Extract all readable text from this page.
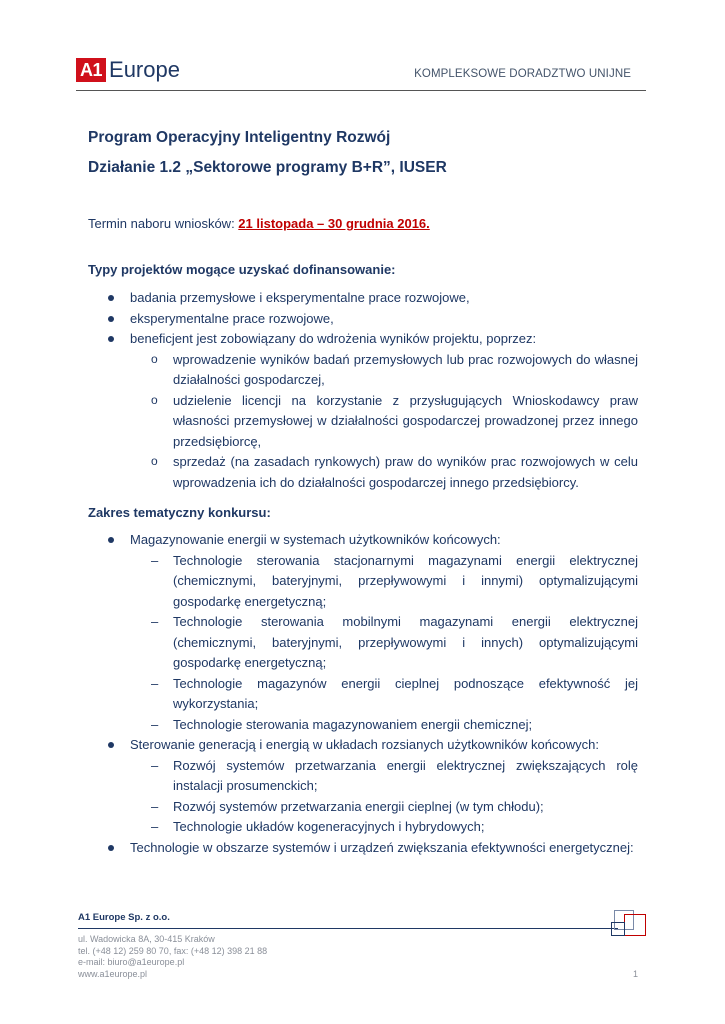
A1 Europe	KOMPLEKSOWE DORADZTWO UNIJNE
Program Operacyjny Inteligentny Rozwój
Działanie 1.2 „Sektorowe programy B+R”, IUSER
Termin naboru wniosków: 21 listopada – 30 grudnia 2016.
Typy projektów mogące uzyskać dofinansowanie:

badania przemysłowe i eksperymentalne prace rozwojowe,

eksperymentalne prace rozwojowe,

beneficjent jest zobowiązany do wdrożenia wyników projektu, poprzez:

o wprowadzenie wyników badań przemysłowych lub prac rozwojowych do własnej działalności gospodarczej,

o udzielenie licencji na korzystanie z przysługujących Wnioskodawcy praw własności przemysłowej w działalności gospodarczej prowadzonej przez innego przedsiębiorcę,

o sprzedaż (na zasadach rynkowych) praw do wyników prac rozwojowych w celu wprowadzenia ich do działalności gospodarczej innego przedsiębiorcy.

Zakres tematyczny konkursu:

Magazynowanie energii w systemach użytkowników końcowych:

– Technologie sterowania stacjonarnymi magazynami energii elektrycznej (chemicznymi, bateryjnymi, przepływowymi i innymi) optymalizującymi gospodarkę energetyczną;

– Technologie sterowania mobilnymi magazynami energii elektrycznej (chemicznymi, bateryjnymi, przepływowymi i innych) optymalizującymi gospodarkę energetyczną;

– Technologie magazynów energii cieplnej podnoszące efektywność jej wykorzystania;

– Technologie sterowania magazynowaniem energii chemicznej;

Sterowanie generacją i energią w układach rozsianych użytkowników końcowych:

– Rozwój systemów przetwarzania energii elektrycznej zwiększających rolę instalacji prosumenckich;

– Rozwój systemów przetwarzania energii cieplnej (w tym chłodu);

– Technologie układów kogeneracyjnych i hybrydowych;

Technologie w obszarze systemów i urządzeń zwiększania efektywności energetycznej:

A1 Europe Sp. z o.o.
ul. Wadowicka 8A, 30-415 Kraków
tel. (+48 12) 259 80 70, fax: (+48 12) 398 21 88
e-mail: biuro@a1europe.pl
www.a1europe.pl	1
